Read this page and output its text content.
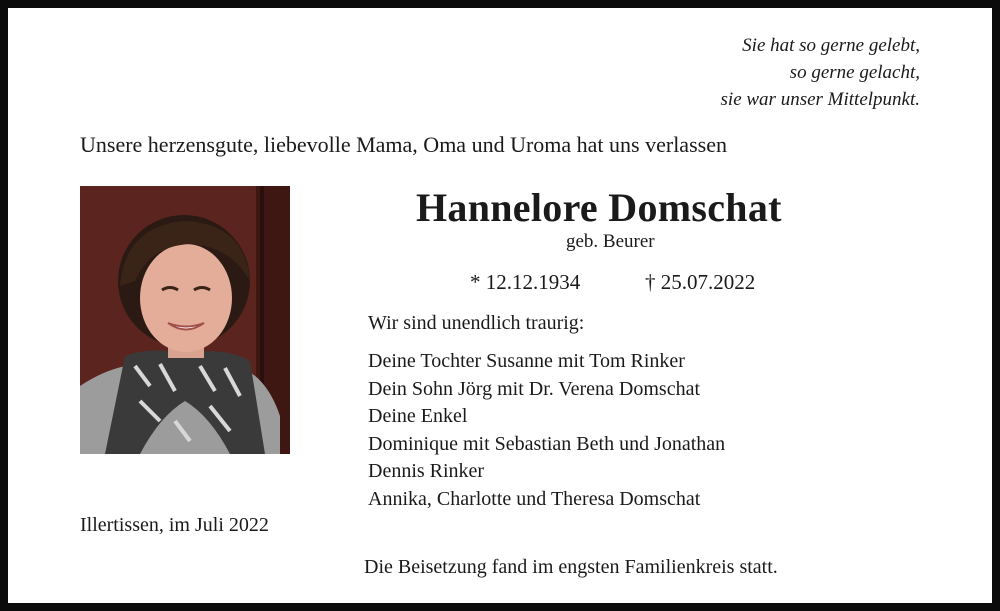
Sie hat so gerne gelebt,
so gerne gelacht,
sie war unser Mittelpunkt.
Unsere herzensgute, liebevolle Mama, Oma und Uroma hat uns verlassen
Hannelore Domschat
geb. Beurer
* 12.12.1934	† 25.07.2022
Wir sind unendlich traurig:
Deine Tochter Susanne mit Tom Rinker
Dein Sohn Jörg mit Dr. Verena Domschat
Deine Enkel
Dominique mit Sebastian Beth und Jonathan
Dennis Rinker
Annika, Charlotte und Theresa Domschat
Illertissen, im Juli 2022
Die Beisetzung fand im engsten Familienkreis statt.
